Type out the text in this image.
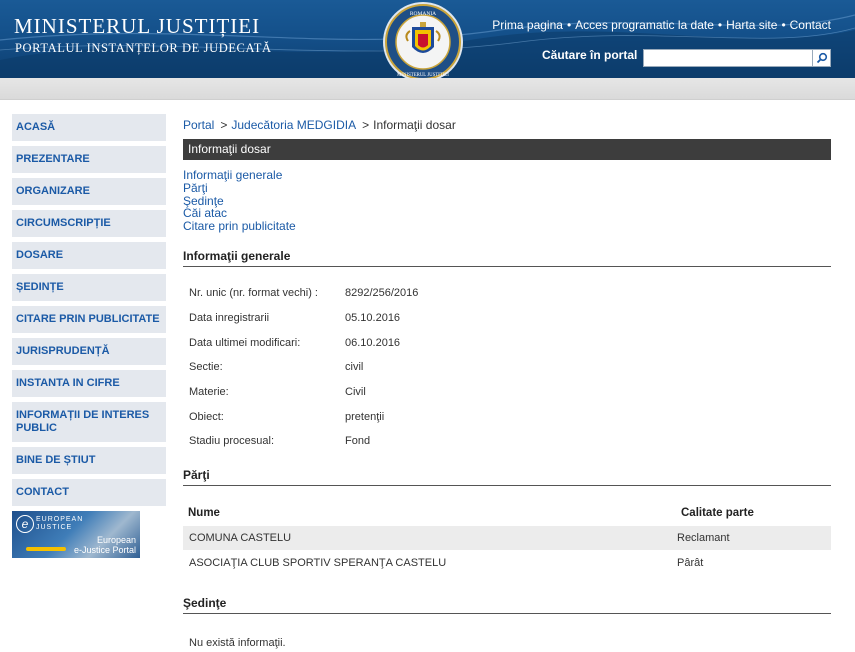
MINISTERUL JUSTIȚIEI
PORTALUL INSTANȚELOR DE JUDECATĂ
ROMANIA
MINISTERUL JUSTITIEI
Prima pagina • Acces programatic la date • Harta site • Contact
Căutare în portal
ACASĂ
PREZENTARE
ORGANIZARE
CIRCUMSCRIPȚIE
DOSARE
ȘEDINȚE
CITARE PRIN PUBLICITATE
JURISPRUDENȚĂ
INSTANTA IN CIFRE
INFORMAȚII DE INTERES PUBLIC
BINE DE ȘTIUT
CONTACT
e	EUROPEAN
JUSTICE
European
e-Justice Portal
Portal > Judecătoria MEDGIDIA > Informaţii dosar
Informaţii dosar
Informaţii generale
Părţi
Şedinţe
Căi atac
Citare prin publicitate
Informaţii generale
Nr. unic (nr. format vechi) :	8292/256/2016
Data inregistrarii	05.10.2016
Data ultimei modificari:	06.10.2016
Sectie:	civil
Materie:	Civil
Obiect:	pretenţii
Stadiu procesual:	Fond
Părţi
Nume	Calitate parte
COMUNA CASTELU	Reclamant
ASOCIAŢIA CLUB SPORTIV SPERANŢA CASTELU	Pârât
Şedinţe
Nu există informaţii.
